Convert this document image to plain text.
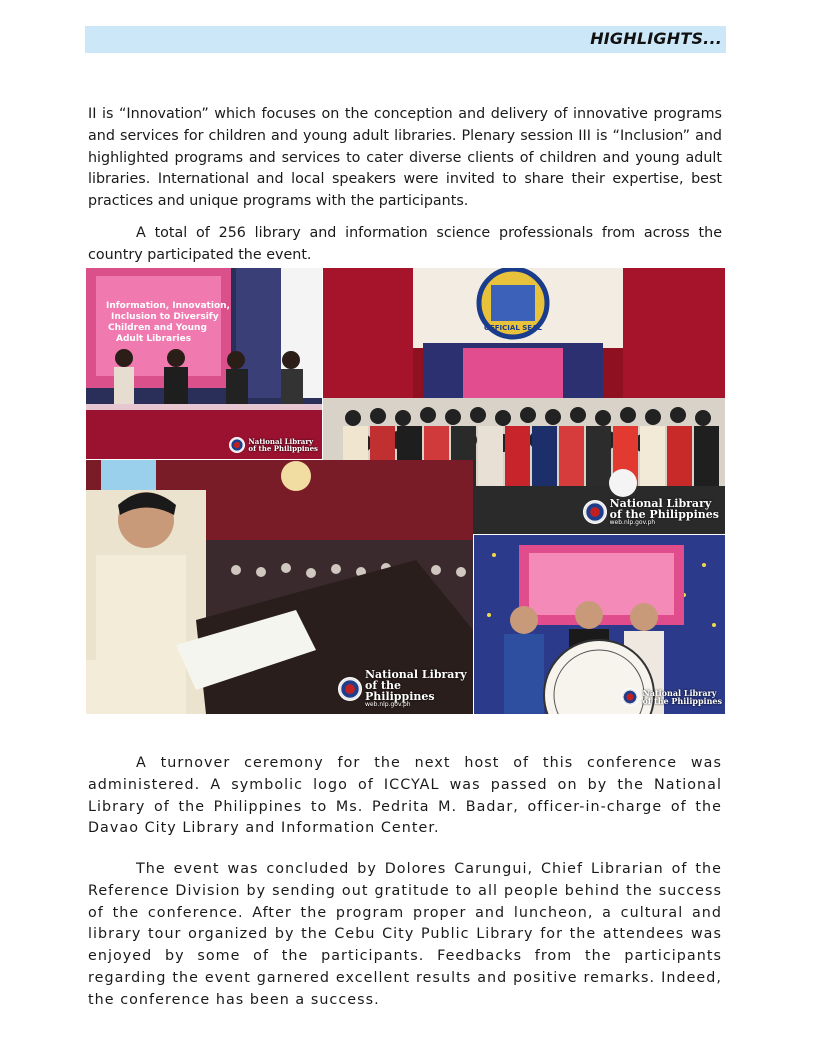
HIGHLIGHTS...

II is “Innovation” which focuses on the conception and delivery of innovative programs and services for children and young adult libraries. Plenary session III is “Inclusion” and highlighted programs and services to cater diverse clients of children and young adult libraries. International and local speakers were invited to share their expertise, best practices and unique programs with the participants.

A total of 256 library and information science professionals from across the country participated the event.

Information, Innovation, Inclusion to Diversify Children and Young Adult Libraries
National Library
of the Philippines
OFFICIAL SEAL
National Library
of the Philippines
web.nlp.gov.ph
National Library
of the Philippines
web.nlp.gov.ph
National Library
of the Philippines

A turnover ceremony for the next host of this conference was administered. A symbolic logo of ICCYAL was passed on by the National Library of the Philippines to Ms. Pedrita M. Badar, officer-in-charge of the Davao City Library and Information Center.

The event was concluded by Dolores Carungui, Chief Librarian of the Reference Division by sending out gratitude to all people behind the success of the conference. After the program proper and luncheon, a cultural and library tour organized by the Cebu City Public Library for the attendees was enjoyed by some of the participants. Feedbacks from the participants regarding the event garnered excellent results and positive remarks. Indeed, the conference has been a success.
